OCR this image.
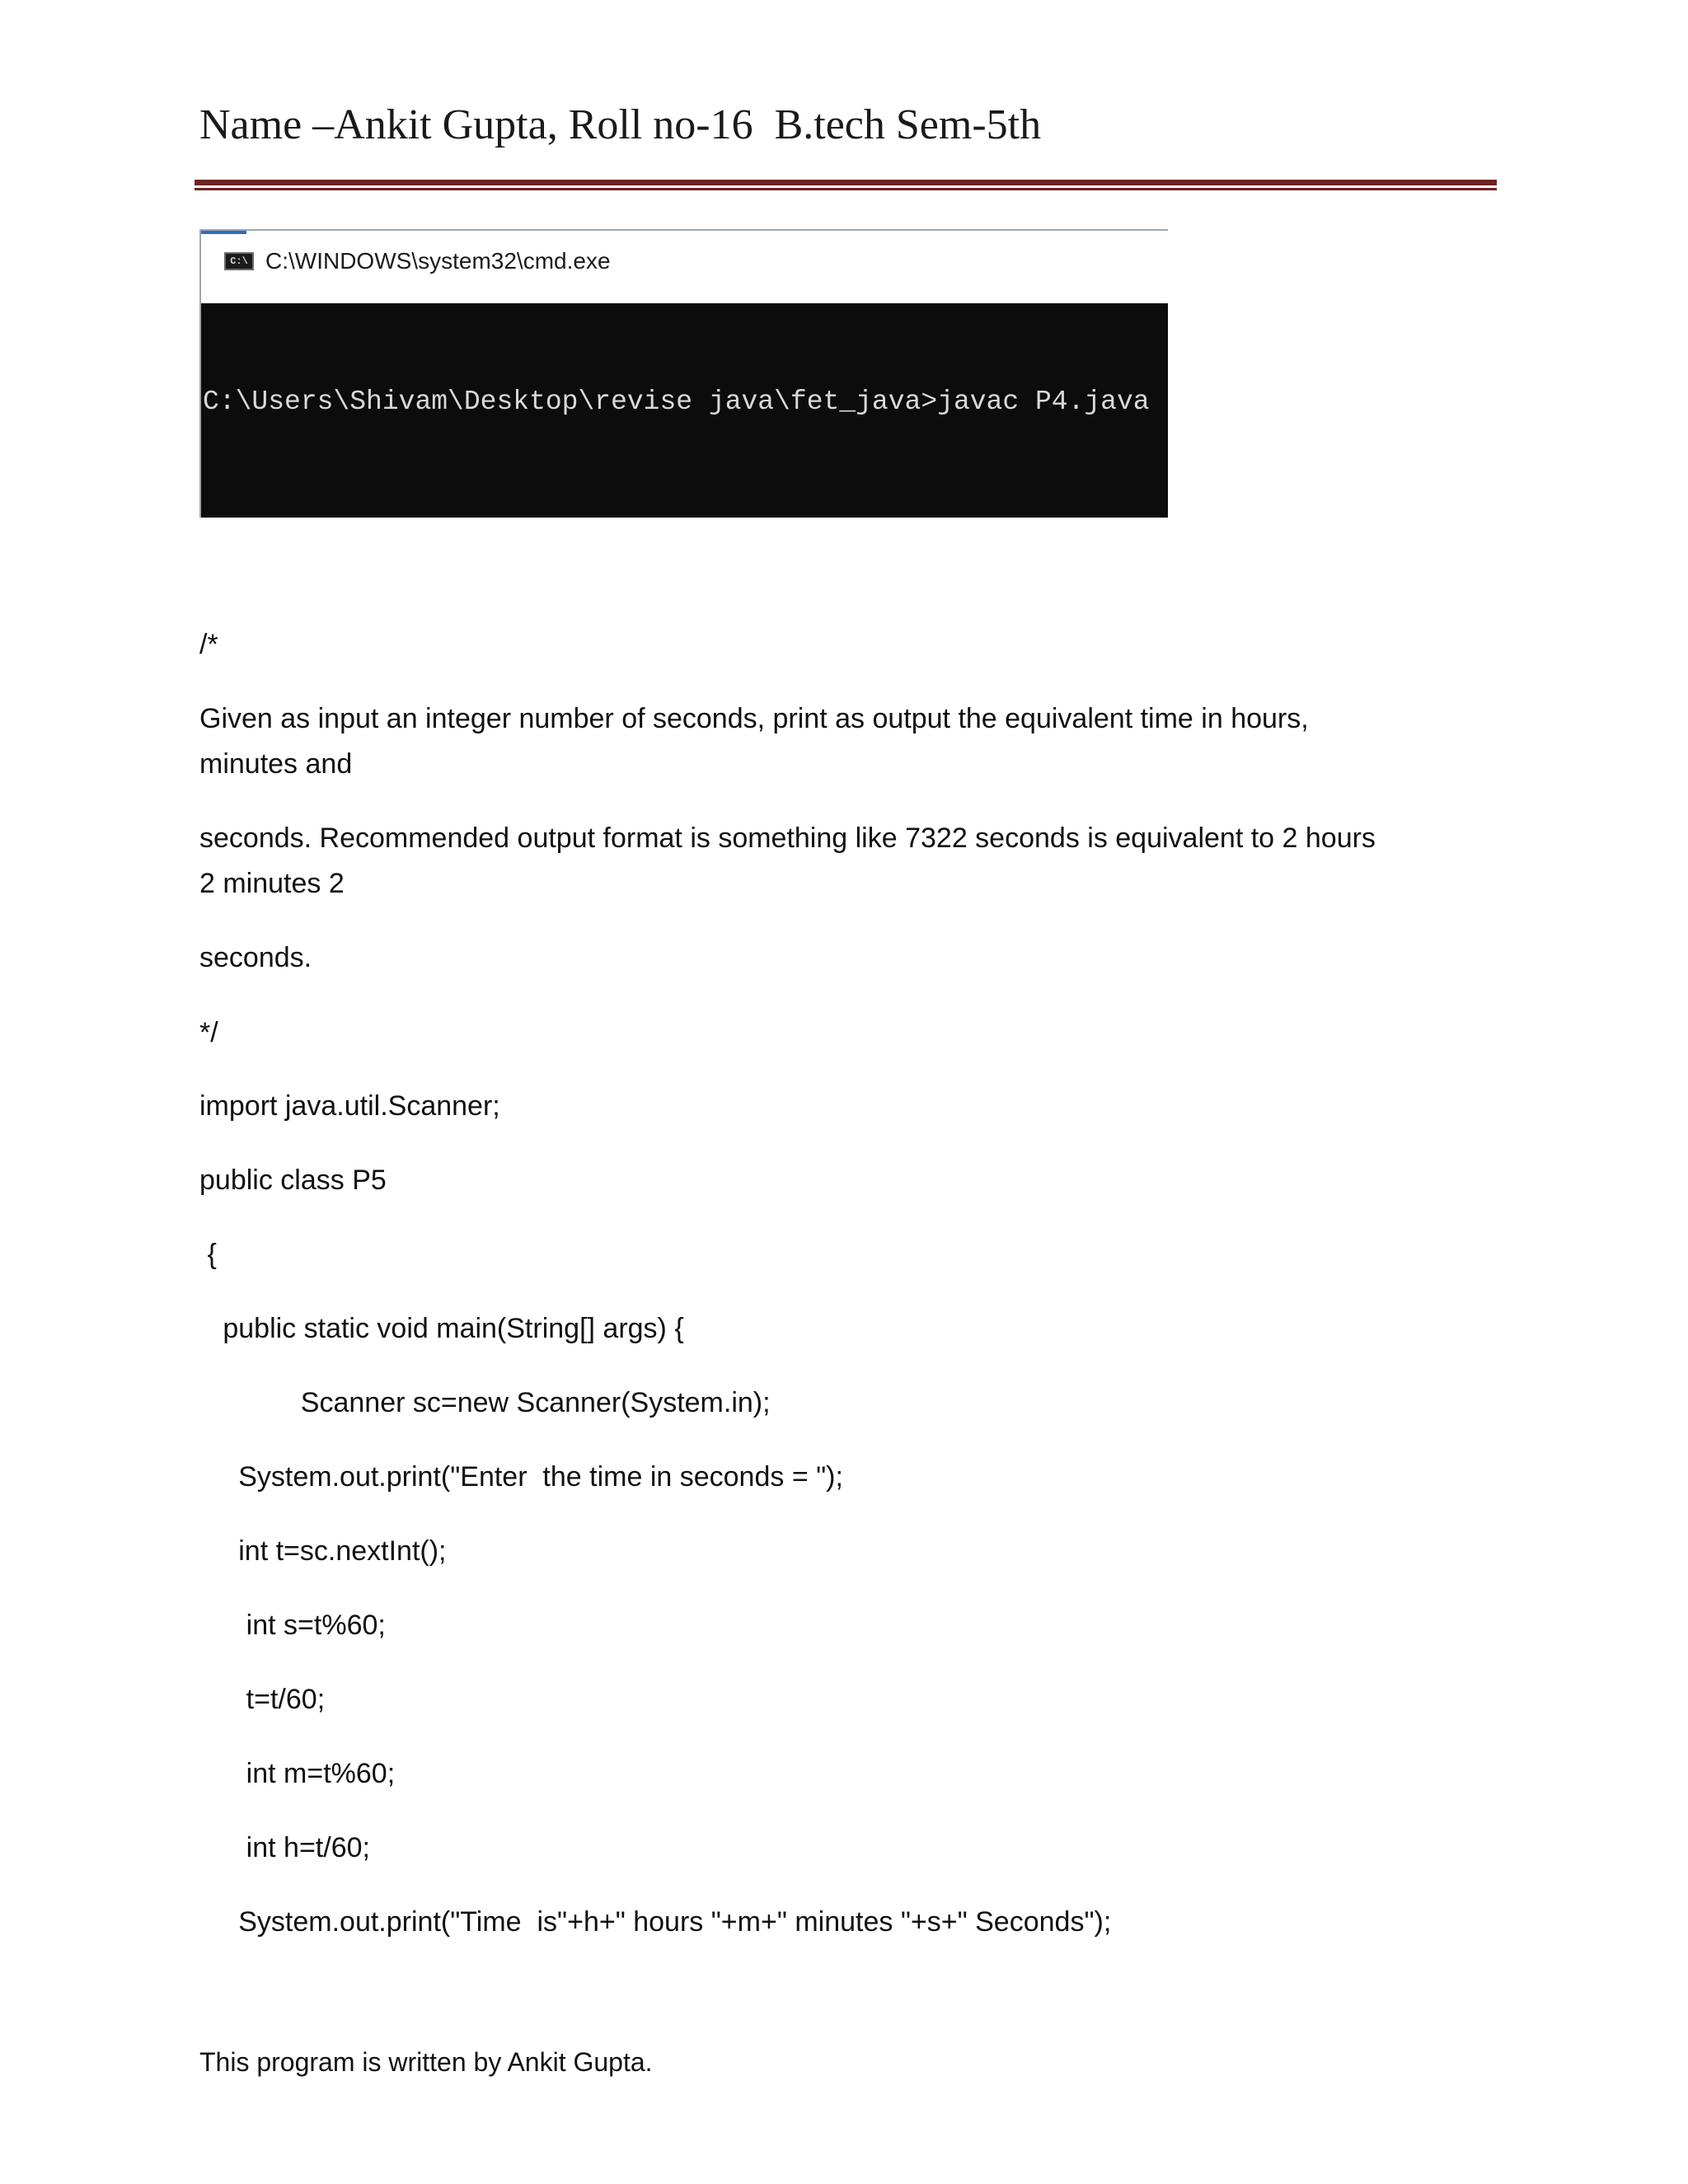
Name –Ankit Gupta, Roll no-16  B.tech Sem-5th
C:\ C:\WINDOWS\system32\cmd.exe

C:\Users\Shivam\Desktop\revise java\fet_java>javac P4.java

/*

Given as input an integer number of seconds, print as output the equivalent time in hours,

minutes and

seconds. Recommended output format is something like 7322 seconds is equivalent to 2 hours

2 minutes 2

seconds.

*/

import java.util.Scanner;

public class P5

{

public static void main(String[] args) {

Scanner sc=new Scanner(System.in);

System.out.print("Enter  the time in seconds = ");

int t=sc.nextInt();

int s=t%60;

t=t/60;

int m=t%60;

int h=t/60;

System.out.print("Time  is"+h+" hours "+m+" minutes "+s+" Seconds");

This program is written by Ankit Gupta.
